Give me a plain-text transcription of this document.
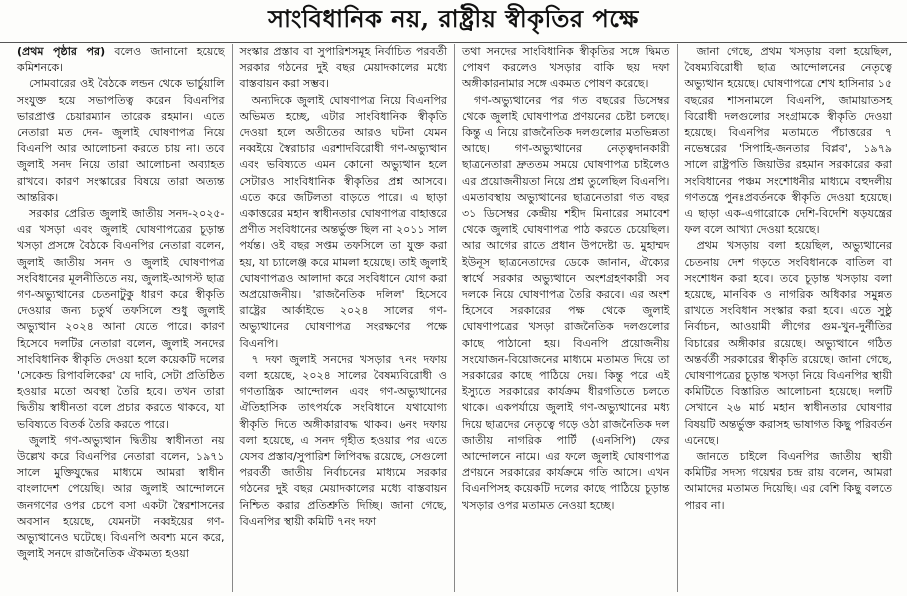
সাংবিধানিক নয়, রাষ্ট্রীয় স্বীকৃতির পক্ষে

(প্রথম পৃষ্ঠার পর) বলেও জানানো হয়েছে কমিশনকে।

সোমবারের ওই বৈঠকে লন্ডন থেকে ভার্চুয়ালি সংযুক্ত হয়ে সভাপতিত্ব করেন বিএনপির ভারপ্রাপ্ত চেয়ারম্যান তারেক রহমান। এতে নেতারা মত দেন- জুলাই ঘোষণাপত্র নিয়ে বিএনপি আর আলোচনা করতে চায় না। তবে জুলাই সনদ নিয়ে তারা আলোচনা অব্যাহত রাখবে। কারণ সংস্কারের বিষয়ে তারা অত্যন্ত আন্তরিক।

সরকার প্রেরিত জুলাই জাতীয় সনদ-২০২৫-এর খসড়া এবং জুলাই ঘোষণাপত্রের চূড়ান্ত খসড়া প্রসঙ্গে বৈঠকে বিএনপির নেতারা বলেন, জুলাই জাতীয় সনদ ও জুলাই ঘোষণাপত্র সংবিধানের মূলনীতিতে নয়, জুলাই-আগস্ট ছাত্র গণ-অভ্যুত্থানের চেতনাটুকু ধারণ করে স্বীকৃতি দেওয়ার জন্য চতুর্থ তফসিলে শুধু জুলাই অভ্যুত্থান ২০২৪ আনা যেতে পারে। কারণ হিসেবে দলটির নেতারা বলেন, জুলাই সনদের সাংবিধানিক স্বীকৃতি দেওয়া হলে কয়েকটি দলের 'সেকেন্ড রিপাবলিকের' যে দাবি, সেটা প্রতিষ্ঠিত হওয়ার মতো অবস্থা তৈরি হবে। তখন তারা দ্বিতীয় স্বাধীনতা বলে প্রচার করতে থাকবে, যা ভবিষ্যতে বিতর্ক তৈরি করতে পারে।

জুলাই গণ-অভ্যুত্থান দ্বিতীয় স্বাধীনতা নয় উল্লেখ করে বিএনপির নেতারা বলেন, ১৯৭১ সালে মুক্তিযুদ্ধের মাধ্যমে আমরা স্বাধীন বাংলাদেশ পেয়েছি। আর জুলাই আন্দোলনে জনগণের ওপর চেপে বসা একটা স্বৈরশাসনের অবসান হয়েছে, যেমনটা নব্বইয়ের গণ-অভ্যুত্থানেও ঘটেছে। বিএনপি অবশ্য মনে করে, জুলাই সনদে রাজনৈতিক ঐকমত্য হওয়া

সংস্কার প্রস্তাব বা সুপারিশসমূহ নির্বাচিত পরবর্তী সরকার গঠনের দুই বছর মেয়াদকালের মধ্যে বাস্তবায়ন করা সম্ভব।

অন্যদিকে জুলাই ঘোষণাপত্র নিয়ে বিএনপির অভিমত হচ্ছে, এটার সাংবিধানিক স্বীকৃতি দেওয়া হলে অতীতের আরও ঘটনা যেমন নব্বইয়ে স্বৈরাচার এরশাদবিরোধী গণ-অভ্যুত্থান এবং ভবিষ্যতে এমন কোনো অভ্যুত্থান হলে সেটারও সাংবিধানিক স্বীকৃতির প্রশ্ন আসবে। এতে করে জটিলতা বাড়তে পারে। এ ছাড়া একাত্তরের মহান স্বাধীনতার ঘোষণাপত্র বাহাত্তরে প্রণীত সংবিধানের অন্তর্ভুক্ত ছিল না ২০১১ সাল পর্যন্ত। ওই বছর সপ্তম তফসিলে তা যুক্ত করা হয়, যা চ্যালেঞ্জ করে মামলা হয়েছে। তাই জুলাই ঘোষণাপত্রও আলাদা করে সংবিধানে যোগ করা অপ্রয়োজনীয়। 'রাজনৈতিক দলিল' হিসেবে রাষ্ট্রের আর্কাইভে ২০২৪ সালের গণ-অভ্যুত্থানের ঘোষণাপত্র সংরক্ষণের পক্ষে বিএনপি।

৭ দফা জুলাই সনদের খসড়ার ৭নং দফায় বলা হয়েছে, ২০২৪ সালের বৈষম্যবিরোধী ও গণতান্ত্রিক আন্দোলন এবং গণ-অভ্যুত্থানের ঐতিহাসিক তাৎপর্যকে সংবিধানে যথাযোগ্য স্বীকৃতি দিতে অঙ্গীকারাবদ্ধ থাকব। ৬নং দফায় বলা হয়েছে, এ সনদ গৃহীত হওয়ার পর এতে যেসব প্রস্তাব/সুপারিশ লিপিবদ্ধ রয়েছে, সেগুলো পরবর্তী জাতীয় নির্বাচনের মাধ্যমে সরকার গঠনের দুই বছর মেয়াদকালের মধ্যে বাস্তবায়ন নিশ্চিত করার প্রতিশ্রুতি দিচ্ছি। জানা গেছে, বিএনপির স্থায়ী কমিটি ৭নং দফা

তথা সনদের সাংবিধানিক স্বীকৃতির সঙ্গে দ্বিমত পোষণ করলেও খসড়ার বাকি ছয় দফা অঙ্গীকারনামার সঙ্গে একমত পোষণ করেছে।

গণ-অভ্যুত্থানের পর গত বছরের ডিসেম্বর থেকে জুলাই ঘোষণাপত্র প্রণয়নের চেষ্টা চলছে। কিন্তু এ নিয়ে রাজনৈতিক দলগুলোর মতভিন্নতা আছে। গণ-অভ্যুত্থানের নেতৃত্বদানকারী ছাত্রনেতারা দ্রুততম সময়ে ঘোষণাপত্র চাইলেও এর প্রয়োজনীয়তা নিয়ে প্রশ্ন তুলেছিল বিএনপি। এমতাবস্থায় অভ্যুত্থানের ছাত্রনেতারা গত বছর ৩১ ডিসেম্বর কেন্দ্রীয় শহীদ মিনারের সমাবেশ থেকে জুলাই ঘোষণাপত্র পাঠ করতে চেয়েছিল। আর আগের রাতে প্রধান উপদেষ্টা ড. মুহাম্মদ ইউনূস ছাত্রনেতাদের ডেকে জানান, ঐক্যের স্বার্থে সরকার অভ্যুত্থানে অংশগ্রহণকারী সব দলকে নিয়ে ঘোষণাপত্র তৈরি করবে। এর অংশ হিসেবে সরকারের পক্ষ থেকে জুলাই ঘোষণাপত্রের খসড়া রাজনৈতিক দলগুলোর কাছে পাঠানো হয়। বিএনপি প্রয়োজনীয় সংযোজন-বিয়োজনের মাধ্যমে মতামত দিয়ে তা সরকারের কাছে পাঠিয়ে দেয়। কিন্তু পরে এই ইস্যুতে সরকারের কার্যক্রম ধীরগতিতে চলতে থাকে। একপর্যায়ে জুলাই গণ-অভ্যুত্থানের মধ্য দিয়ে ছাত্রদের নেতৃত্বে গড়ে ওঠা রাজনৈতিক দল জাতীয় নাগরিক পার্টি (এনসিপি) ফের আন্দোলনে নামে। এর ফলে জুলাই ঘোষণাপত্র প্রণয়নে সরকারের কার্যক্রমে গতি আসে। এখন বিএনপিসহ কয়েকটি দলের কাছে পাঠিয়ে চূড়ান্ত খসড়ার ওপর মতামত নেওয়া হচ্ছে।

জানা গেছে, প্রথম খসড়ায় বলা হয়েছিল, বৈষম্যবিরোধী ছাত্র আন্দোলনের নেতৃত্বে অভ্যুত্থান হয়েছে। ঘোষণাপত্রে শেখ হাসিনার ১৫ বছরের শাসনামলে বিএনপি, জামায়াতসহ বিরোধী দলগুলোর সংগ্রামকে স্বীকৃতি দেওয়া হয়েছে। বিএনপির মতামতে পঁচাত্তরের ৭ নভেম্বরের 'সিপাহি-জনতার বিপ্লব', ১৯৭৯ সালে রাষ্ট্রপতি জিয়াউর রহমান সরকারের করা সংবিধানের পঞ্চম সংশোধনীর মাধ্যমে বহুদলীয় গণতন্ত্রে পুনঃপ্রবর্তনকে স্বীকৃতি দেওয়া হয়েছে। এ ছাড়া এক-এগারোকে দেশি-বিদেশি ষড়যন্ত্রের ফল বলে আখ্যা দেওয়া হয়েছে।

প্রথম খসড়ায় বলা হয়েছিল, অভ্যুত্থানের চেতনায় দেশ গড়তে সংবিধানকে বাতিল বা সংশোধন করা হবে। তবে চূড়ান্ত খসড়ায় বলা হয়েছে, মানবিক ও নাগরিক অধিকার সমুন্নত রাখতে সংবিধান সংস্কার করা হবে। এতে সুষ্ঠু নির্বাচন, আওয়ামী লীগের গুম-খুন-দুর্নীতির বিচারের অঙ্গীকার রয়েছে। অভ্যুত্থানে গঠিত অন্তর্বর্তী সরকারের স্বীকৃতি রয়েছে। জানা গেছে, ঘোষণাপত্রের চূড়ান্ত খসড়া নিয়ে বিএনপির স্থায়ী কমিটিতে বিস্তারিত আলোচনা হয়েছে। দলটি সেখানে ২৬ মার্চ মহান স্বাধীনতার ঘোষণার বিষয়টি অন্তর্ভুক্ত করাসহ ভাষাগত কিছু পরিবর্তন এনেছে।

জানতে চাইলে বিএনপির জাতীয় স্থায়ী কমিটির সদস্য গয়েশ্বর চন্দ্র রায় বলেন, আমরা আমাদের মতামত দিয়েছি। এর বেশি কিছু বলতে পারব না।
